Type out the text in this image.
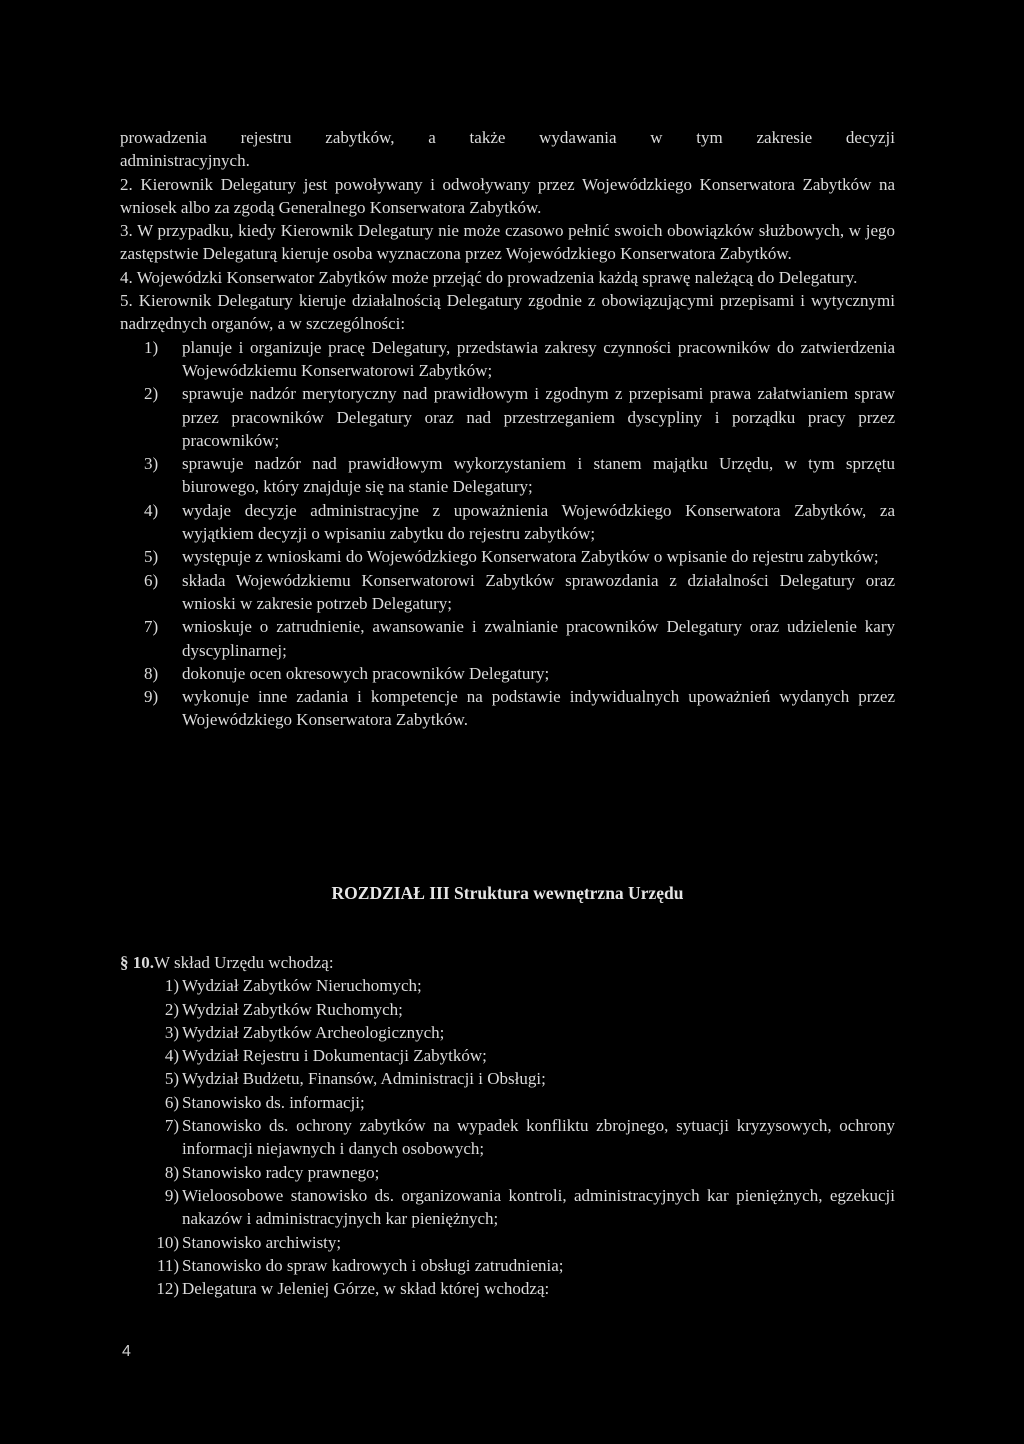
prowadzenia rejestru zabytków, a także wydawania w tym zakresie decyzji

administracyjnych.

2. Kierownik Delegatury jest powoływany i odwoływany przez Wojewódzkiego Konserwatora Zabytków na wniosek albo za zgodą Generalnego Konserwatora Zabytków.

3. W przypadku, kiedy Kierownik Delegatury nie może czasowo pełnić swoich obowiązków służbowych, w jego zastępstwie Delegaturą kieruje osoba wyznaczona przez Wojewódzkiego Konserwatora Zabytków.

4. Wojewódzki Konserwator Zabytków może przejąć do prowadzenia każdą sprawę należącą do Delegatury.

5. Kierownik Delegatury kieruje działalnością Delegatury zgodnie z obowiązującymi przepisami i wytycznymi nadrzędnych organów, a w szczególności:

1) planuje i organizuje pracę Delegatury, przedstawia zakresy czynności pracowników do zatwierdzenia Wojewódzkiemu Konserwatorowi Zabytków;
2) sprawuje nadzór merytoryczny nad prawidłowym i zgodnym z przepisami prawa załatwianiem spraw przez pracowników Delegatury oraz nad przestrzeganiem dyscypliny i porządku pracy przez pracowników;
3) sprawuje nadzór nad prawidłowym wykorzystaniem i stanem majątku Urzędu, w tym sprzętu biurowego, który znajduje się na stanie Delegatury;
4) wydaje decyzje administracyjne z upoważnienia Wojewódzkiego Konserwatora Zabytków, za wyjątkiem decyzji o wpisaniu zabytku do rejestru zabytków;
5) występuje z wnioskami do Wojewódzkiego Konserwatora Zabytków o wpisanie do rejestru zabytków;
6) składa Wojewódzkiemu Konserwatorowi Zabytków sprawozdania z działalności Delegatury oraz wnioski w zakresie potrzeb Delegatury;
7) wnioskuje o zatrudnienie, awansowanie i zwalnianie pracowników Delegatury oraz udzielenie kary dyscyplinarnej;
8) dokonuje ocen okresowych pracowników Delegatury;
9) wykonuje inne zadania i kompetencje na podstawie indywidualnych upoważnień wydanych przez Wojewódzkiego Konserwatora Zabytków.
ROZDZIAŁ III Struktura wewnętrzna Urzędu

§ 10.W skład Urzędu wchodzą:

1) Wydział Zabytków Nieruchomych;
2) Wydział Zabytków Ruchomych;
3) Wydział Zabytków Archeologicznych;
4) Wydział Rejestru i Dokumentacji Zabytków;
5) Wydział Budżetu, Finansów, Administracji i Obsługi;
6) Stanowisko ds. informacji;
7) Stanowisko ds. ochrony zabytków na wypadek konfliktu zbrojnego, sytuacji kryzysowych, ochrony informacji niejawnych i danych osobowych;
8) Stanowisko radcy prawnego;
9) Wieloosobowe stanowisko ds. organizowania kontroli, administracyjnych kar pieniężnych, egzekucji nakazów i administracyjnych kar pieniężnych;
10) Stanowisko archiwisty;
11) Stanowisko do spraw kadrowych i obsługi zatrudnienia;
12) Delegatura w Jeleniej Górze, w skład której wchodzą:
4
